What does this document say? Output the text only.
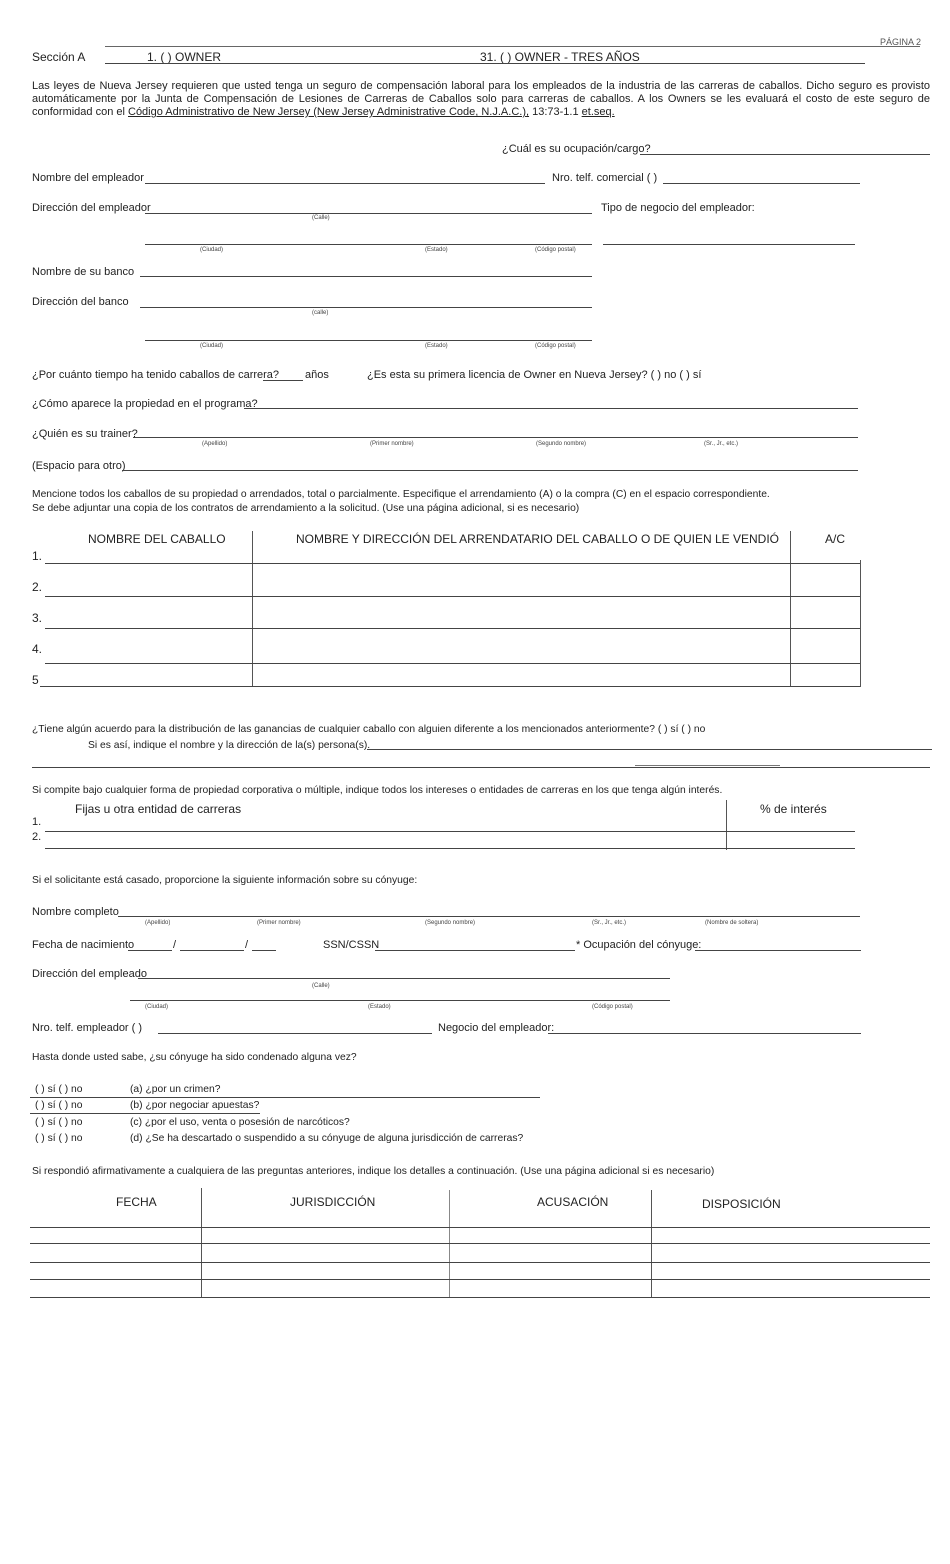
PÁGINA 2
Sección A	1. ( ) OWNER	31. ( ) OWNER - TRES AÑOS
Las leyes de Nueva Jersey requieren que usted tenga un seguro de compensación laboral para los empleados de la industria de las carreras de caballos. Dicho seguro es provisto automáticamente por la Junta de Compensación de Lesiones de Carreras de Caballos solo para carreras de caballos. A los Owners se les evaluará el costo de este seguro de conformidad con el Código Administrativo de New Jersey (New Jersey Administrative Code, N.J.A.C.), 13:73-1.1 et.seq.
¿Cuál es su ocupación/cargo?
Nombre del empleador	Nro. telf. comercial ( )
Dirección del empleador
(Calle)
Tipo de negocio del empleador:
(Ciudad)	(Estado)	(Código postal)
Nombre de su banco
Dirección del banco
(calle)
(Ciudad)	(Estado)	(Código postal)
¿Por cuánto tiempo ha tenido caballos de carrera? años	¿Es esta su primera licencia de Owner en Nueva Jersey? ( ) no ( ) sí
¿Cómo aparece la propiedad en el programa?
¿Quién es su trainer?
(Apellido)	(Primer nombre)	(Segundo nombre)	(Sr., Jr., etc.)
(Espacio para otro)
Mencione todos los caballos de su propiedad o arrendados, total o parcialmente. Especifique el arrendamiento (A) o la compra (C) en el espacio correspondiente.
Se debe adjuntar una copia de los contratos de arrendamiento a la solicitud. (Use una página adicional, si es necesario)
NOMBRE DEL CABALLO	NOMBRE Y DIRECCIÓN DEL ARRENDATARIO DEL CABALLO O DE QUIEN LE VENDIÓ	A/C
1.
2.
3.
4.
5
¿Tiene algún acuerdo para la distribución de las ganancias de cualquier caballo con alguien diferente a los mencionados anteriormente? ( ) sí ( ) no
Si es así, indique el nombre y la dirección de la(s) persona(s).
Si compite bajo cualquier forma de propiedad corporativa o múltiple, indique todos los intereses o entidades de carreras en los que tenga algún interés.
Fijas u otra entidad de carreras	% de interés
1.
2.
Si el solicitante está casado, proporcione la siguiente información sobre su cónyuge:
Nombre completo
(Apellido)	(Primer nombre)	(Segundo nombre)	(Sr., Jr., etc.)	(Nombre de soltera)
Fecha de nacimiento	/	/	SSN/CSSN	* Ocupación del cónyuge:
Dirección del empleado
(Calle)
(Ciudad)	(Estado)	(Código postal)
Nro. telf. empleador ( )	Negocio del empleador:
Hasta donde usted sabe, ¿su cónyuge ha sido condenado alguna vez?
( ) sí ( ) no	(a) ¿por un crimen?
( ) sí ( ) no	(b) ¿por negociar apuestas?
( ) sí ( ) no	(c) ¿por el uso, venta o posesión de narcóticos?
( ) sí ( ) no	(d) ¿Se ha descartado o suspendido a su cónyuge de alguna jurisdicción de carreras?
Si respondió afirmativamente a cualquiera de las preguntas anteriores, indique los detalles a continuación. (Use una página adicional si es necesario)
FECHA	JURISDICCIÓN	ACUSACIÓN	DISPOSICIÓN
